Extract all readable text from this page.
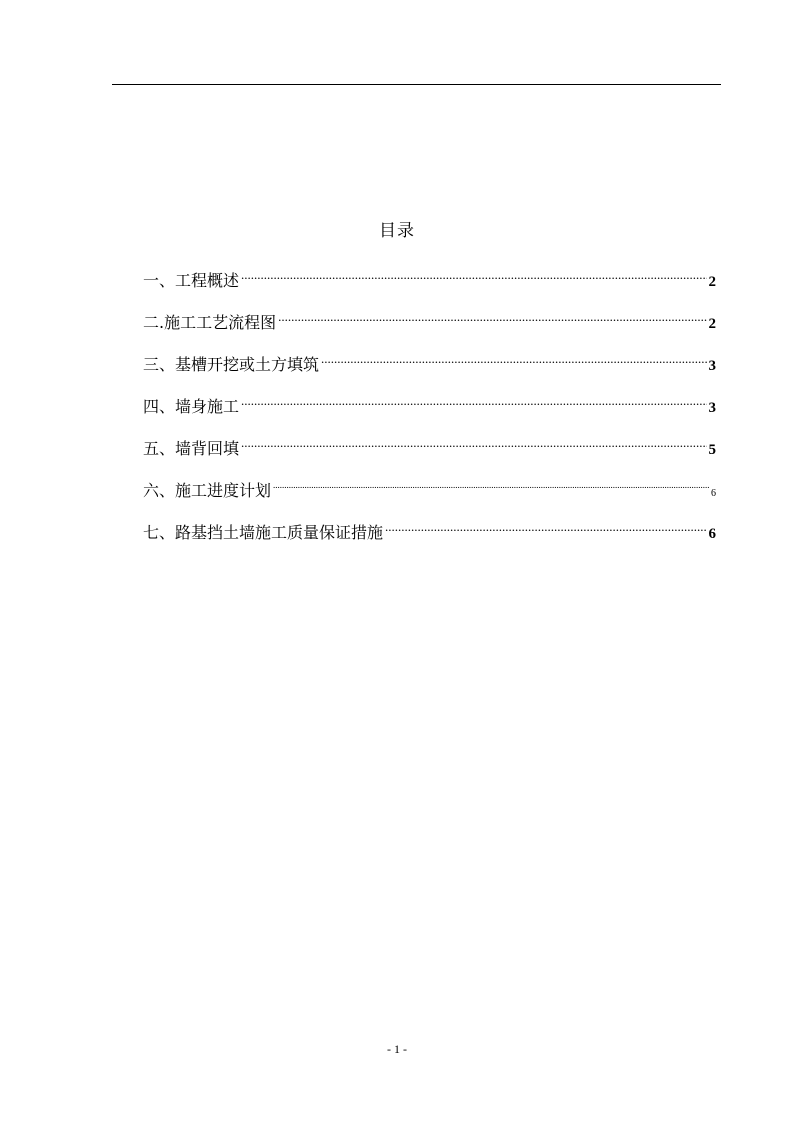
目录
一、工程概述 .....	2
二.施工工艺流程图 .....	2
三、基槽开挖或土方填筑 .....	3
四、墙身施工 .....	3
五、墙背回填 .....	5
六、施工进度计划 .....	6
七、路基挡土墙施工质量保证措施 .....	6
- 1 -
